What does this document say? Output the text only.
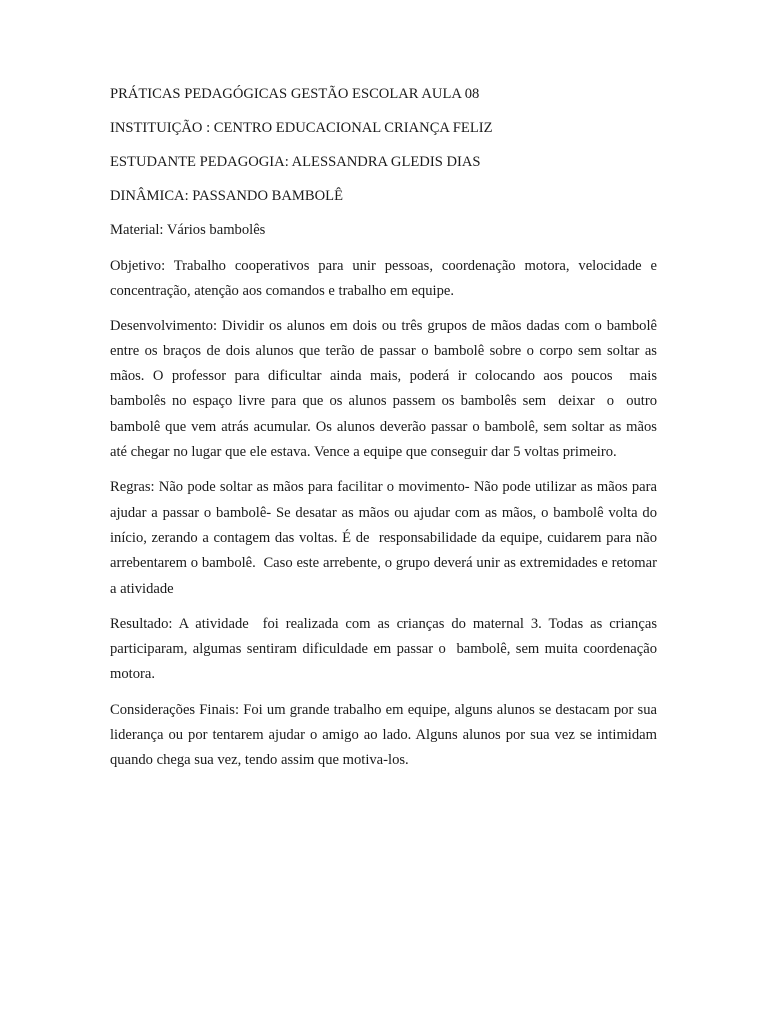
PRÁTICAS PEDAGÓGICAS GESTÃO ESCOLAR AULA 08

INSTITUIÇÃO : CENTRO EDUCACIONAL CRIANÇA FELIZ

ESTUDANTE PEDAGOGIA: ALESSANDRA GLEDIS DIAS

DINÂMICA: PASSANDO BAMBOLÊ

Material: Vários bambolês

Objetivo: Trabalho cooperativos para unir pessoas, coordenação motora, velocidade e concentração, atenção aos comandos e trabalho em equipe.

Desenvolvimento: Dividir os alunos em dois ou três grupos de mãos dadas com o bambolê entre os braços de dois alunos que terão de passar o bambolê sobre o corpo sem soltar as mãos. O professor para dificultar ainda mais, poderá ir colocando aos poucos  mais  bambolês no espaço livre para que os alunos passem os bambolês sem  deixar  o  outro  bambolê que vem atrás acumular. Os alunos deverão passar o bambolê, sem soltar as mãos até chegar no lugar que ele estava. Vence a equipe que conseguir dar 5 voltas primeiro.

Regras: Não pode soltar as mãos para facilitar o movimento- Não pode utilizar as mãos para ajudar a passar o bambolê- Se desatar as mãos ou ajudar com as mãos, o bambolê volta do início, zerando a contagem das voltas. É de  responsabilidade da equipe, cuidarem para não arrebentarem o bambolê.  Caso este arrebente, o grupo deverá unir as extremidades e retomar a atividade

Resultado: A atividade  foi realizada com as crianças do maternal 3. Todas as crianças participaram, algumas sentiram dificuldade em passar o  bambolê, sem muita coordenação motora.

Considerações Finais: Foi um grande trabalho em equipe, alguns alunos se destacam por sua liderança ou por tentarem ajudar o amigo ao lado. Alguns alunos por sua vez se intimidam  quando chega sua vez, tendo assim que motiva-los.
